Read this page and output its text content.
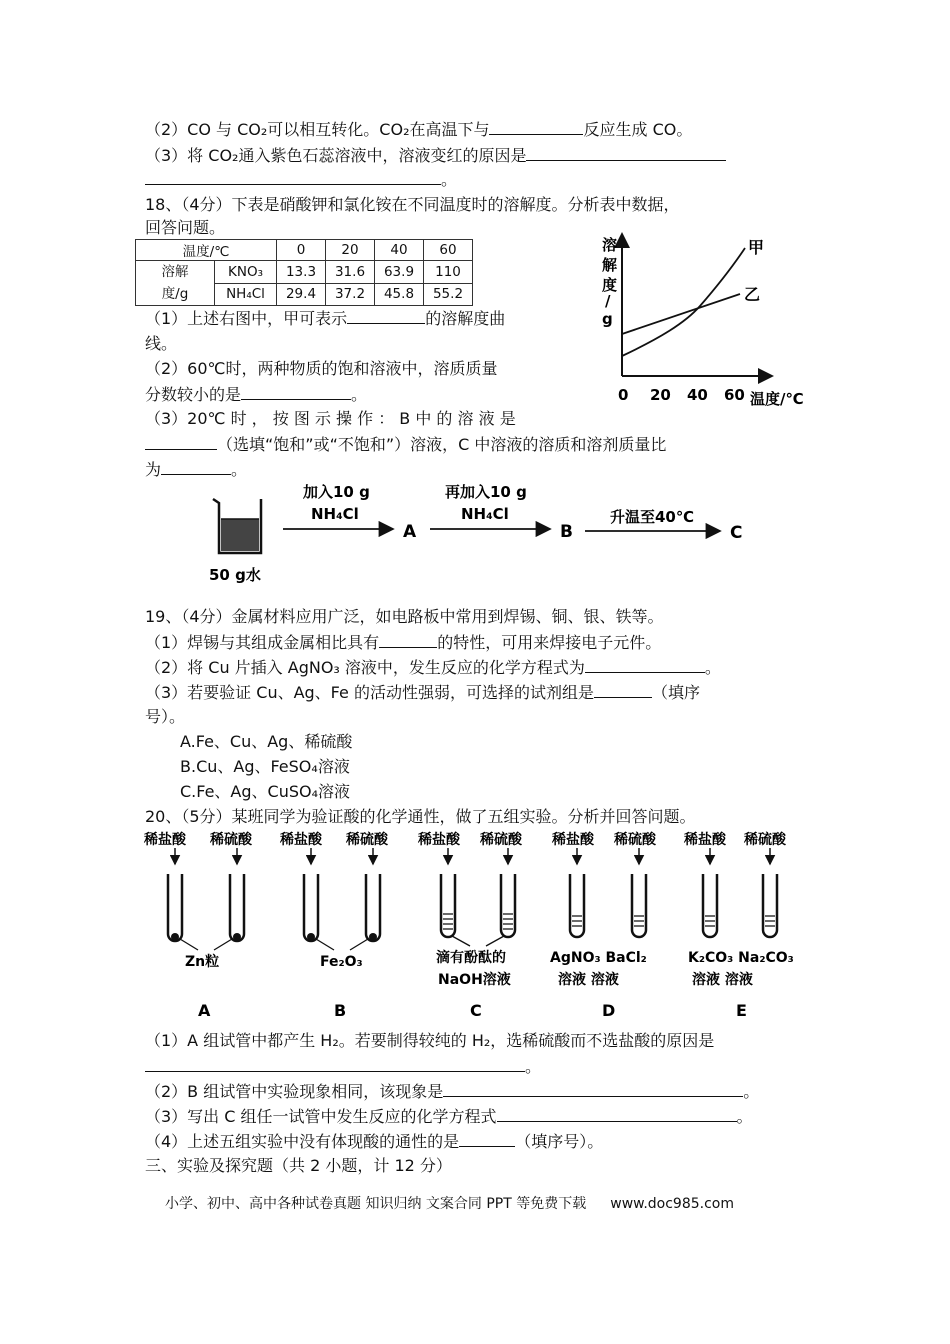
（2）CO 与 CO₂可以相互转化。CO₂在高温下与	反应生成 CO。
（3）将 CO₂通入紫色石蕊溶液中，溶液变红的原因是
。
18、（4分）下表是硝酸钾和氯化铵在不同温度时的溶解度。分析表中数据，
回答问题。
温度/℃		0	20	40	60
溶解
度/g	KNO₃	13.3	31.6	63.9	110
	NH₄Cl	29.4	37.2	45.8	55.2
溶
解
度
/
g
甲
乙
0 20 40 60 温度/℃
（1）上述右图中，甲可表示	的溶解度曲
线。
（2）60℃时，两种物质的饱和溶液中，溶质质量
分数较小的是	。
（3）20℃ 时 ， 按 图 示 操 作 ： B 中 的 溶 液 是
（选填“饱和”或“不饱和”）溶液，C 中溶液的溶质和溶剂质量比
为	。
50 g水
加入10 g
NH₄Cl
A
再加入10 g
NH₄Cl
B
升温至40℃
C
19、（4分）金属材料应用广泛，如电路板中常用到焊锡、铜、银、铁等。
（1）焊锡与其组成金属相比具有	的特性，可用来焊接电子元件。
（2）将 Cu 片插入 AgNO₃ 溶液中，发生反应的化学方程式为	。
（3）若要验证 Cu、Ag、Fe 的活动性强弱，可选择的试剂组是	（填序
号）。
A.Fe、Cu、Ag、稀硫酸
B.Cu、Ag、FeSO₄溶液
C.Fe、Ag、CuSO₄溶液
20、（5分）某班同学为验证酸的化学通性，做了五组实验。分析并回答问题。
稀盐酸 稀硫酸
Zn粒
A
稀盐酸 稀硫酸
Fe₂O₃
B
稀盐酸 稀硫酸
滴有酚酞的
NaOH溶液
C
稀盐酸 稀硫酸
AgNO₃ BaCl₂
溶液 溶液
D
稀盐酸 稀硫酸
K₂CO₃ Na₂CO₃
溶液 溶液
E
（1）A 组试管中都产生 H₂。若要制得较纯的 H₂，选稀硫酸而不选盐酸的原因是
。
（2）B 组试管中实验现象相同，该现象是	。
（3）写出 C 组任一试管中发生反应的化学方程式	。
（4）上述五组实验中没有体现酸的通性的是	（填序号）。
三、实验及探究题（共 2 小题，计 12 分）
小学、初中、高中各种试卷真题 知识归纳 文案合同 PPT 等免费下载 www.doc985.com
